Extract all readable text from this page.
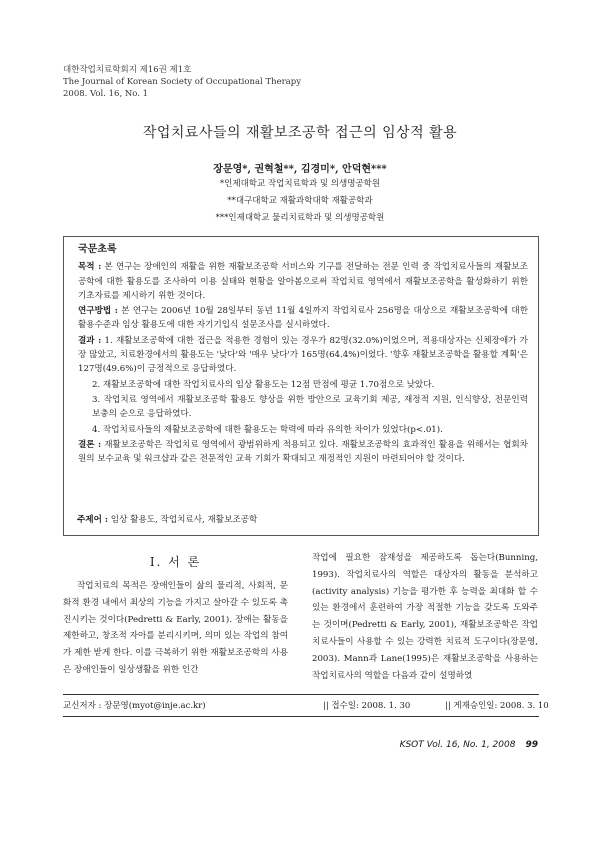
대한작업치료학회지 제16권 제1호
The Journal of Korean Society of Occupational Therapy
2008. Vol. 16, No. 1
작업치료사들의 재활보조공학 접근의 임상적 활용
장문영*, 권혁철**, 김경미*, 안덕현***
*인제대학교 작업치료학과 및 의생명공학원
**대구대학교 재활과학대학 재활공학과
***인제대학교 물리치료학과 및 의생명공학원
국문초록
목적 : 본 연구는 장애인의 재활을 위한 재활보조공학 서비스와 기구를 전달하는 전문 인력 중 작업치료사들의 재활보조공학에 대한 활용도를 조사하여 이용 실태와 현황을 알아봄으로써 작업치료 영역에서 재활보조공학을 활성화하기 위한 기초자료를 제시하기 위한 것이다.
연구방법 : 본 연구는 2006년 10월 28일부터 동년 11월 4일까지 작업치료사 256명을 대상으로 재활보조공학에 대한 활용수준과 임상 활용도에 대한 자기기입식 설문조사를 실시하였다.
결과 : 1. 재활보조공학에 대한 접근을 적용한 경험이 있는 경우가 82명(32.0%)이었으며, 적용대상자는 신체장애가 가장 많았고, 치료환경에서의 활용도는 '낮다'와 '매우 낮다'가 165명(64.4%)이었다. '향후 재활보조공학을 활용할 계획'은 127명(49.6%)이 긍정적으로 응답하였다.
2. 재활보조공학에 대한 작업치료사의 임상 활용도는 12점 만점에 평균 1.70점으로 낮았다.
3. 작업치료 영역에서 재활보조공학 활용도 향상을 위한 방안으로 교육기회 제공, 재정적 지원, 인식향상, 전문인력 보충의 순으로 응답하였다.
4. 작업치료사들의 재활보조공학에 대한 활용도는 학력에 따라 유의한 차이가 있었다(p<.01).
결론 : 재활보조공학은 작업치료 영역에서 광범위하게 적용되고 있다. 재활보조공학의 효과적인 활용을 위해서는 협회차원의 보수교육 및 워크샵과 같은 전문적인 교육 기회가 확대되고 재정적인 지원이 마련되어야 할 것이다.
주제어 : 임상 활용도, 작업치료사, 재활보조공학
Ⅰ. 서 론

작업치료의 목적은 장애인들이 삶의 물리적, 사회적, 문화적 환경 내에서 최상의 기능을 가지고 살아갈 수 있도록 촉진시키는 것이다(Pedretti & Early, 2001). 장애는 활동을 제한하고, 창조적 자아를 분리시키며, 의미 있는 작업의 참여가 제한 받게 한다. 이를 극복하기 위한 재활보조공학의 사용은 장애인들이 일상생활을 위한 인간

작업에 필요한 잠재성을 제공하도록 돕는다(Bunning, 1993). 작업치료사의 역할은 대상자의 활동을 분석하고 (activity analysis) 기능을 평가한 후 능력을 최대화 할 수 있는 환경에서 훈련하여 가장 적절한 기능을 갖도록 도와주는 것이며(Pedretti & Early, 2001), 재활보조공학은 작업치료사들이 사용할 수 있는 강력한 치료적 도구이다(장문영, 2003). Mann과 Lane(1995)은 재활보조공학을 사용하는 작업치료사의 역할을 다음과 같이 설명하였

교신저자 : 장문영(myot@inje.ac.kr)	|| 접수일: 2008. 1. 30	|| 게재승인일: 2008. 3. 10
KSOT Vol. 16, No. 1, 2008 99
